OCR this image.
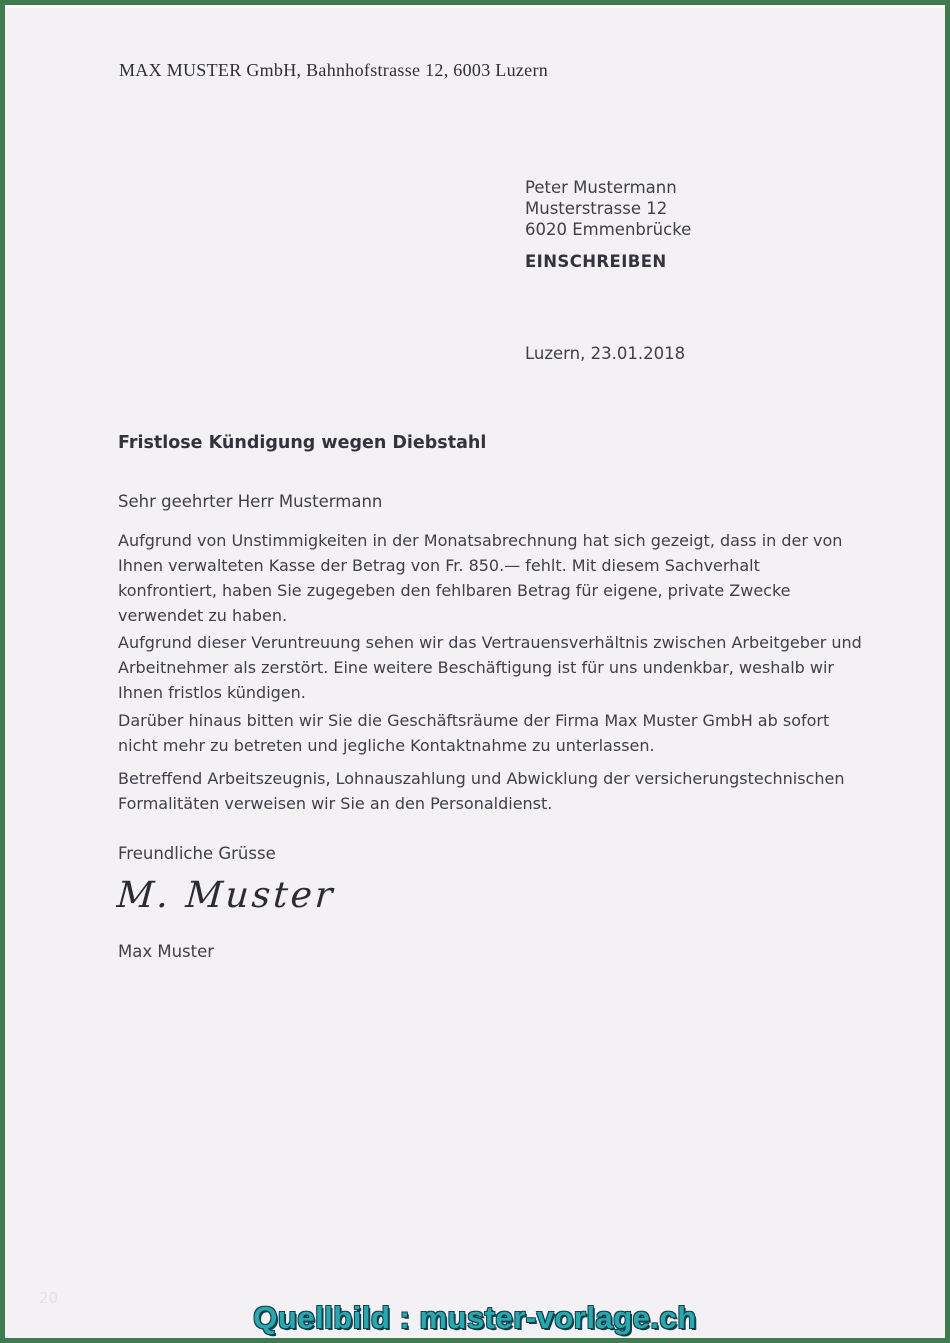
MAX MUSTER GmbH, Bahnhofstrasse 12, 6003 Luzern
Peter Mustermann
Musterstrasse 12
6020 Emmenbrücke
EINSCHREIBEN
Luzern, 23.01.2018
Fristlose Kündigung wegen Diebstahl
Sehr geehrter Herr Mustermann

Aufgrund von Unstimmigkeiten in der Monatsabrechnung hat sich gezeigt, dass in der von Ihnen verwalteten Kasse der Betrag von Fr. 850.— fehlt. Mit diesem Sachverhalt konfrontiert, haben Sie zugegeben den fehlbaren Betrag für eigene, private Zwecke verwendet zu haben.

Aufgrund dieser Veruntreuung sehen wir das Vertrauensverhältnis zwischen Arbeitgeber und Arbeitnehmer als zerstört. Eine weitere Beschäftigung ist für uns undenkbar, weshalb wir Ihnen fristlos kündigen.

Darüber hinaus bitten wir Sie die Geschäftsräume der Firma Max Muster GmbH ab sofort nicht mehr zu betreten und jegliche Kontaktnahme zu unterlassen.

Betreffend Arbeitszeugnis, Lohnauszahlung und Abwicklung der versicherungstechnischen Formalitäten verweisen wir Sie an den Personaldienst.

Freundliche Grüsse
M. Muster
Max Muster
20
Quellbild : muster-vorlage.ch
